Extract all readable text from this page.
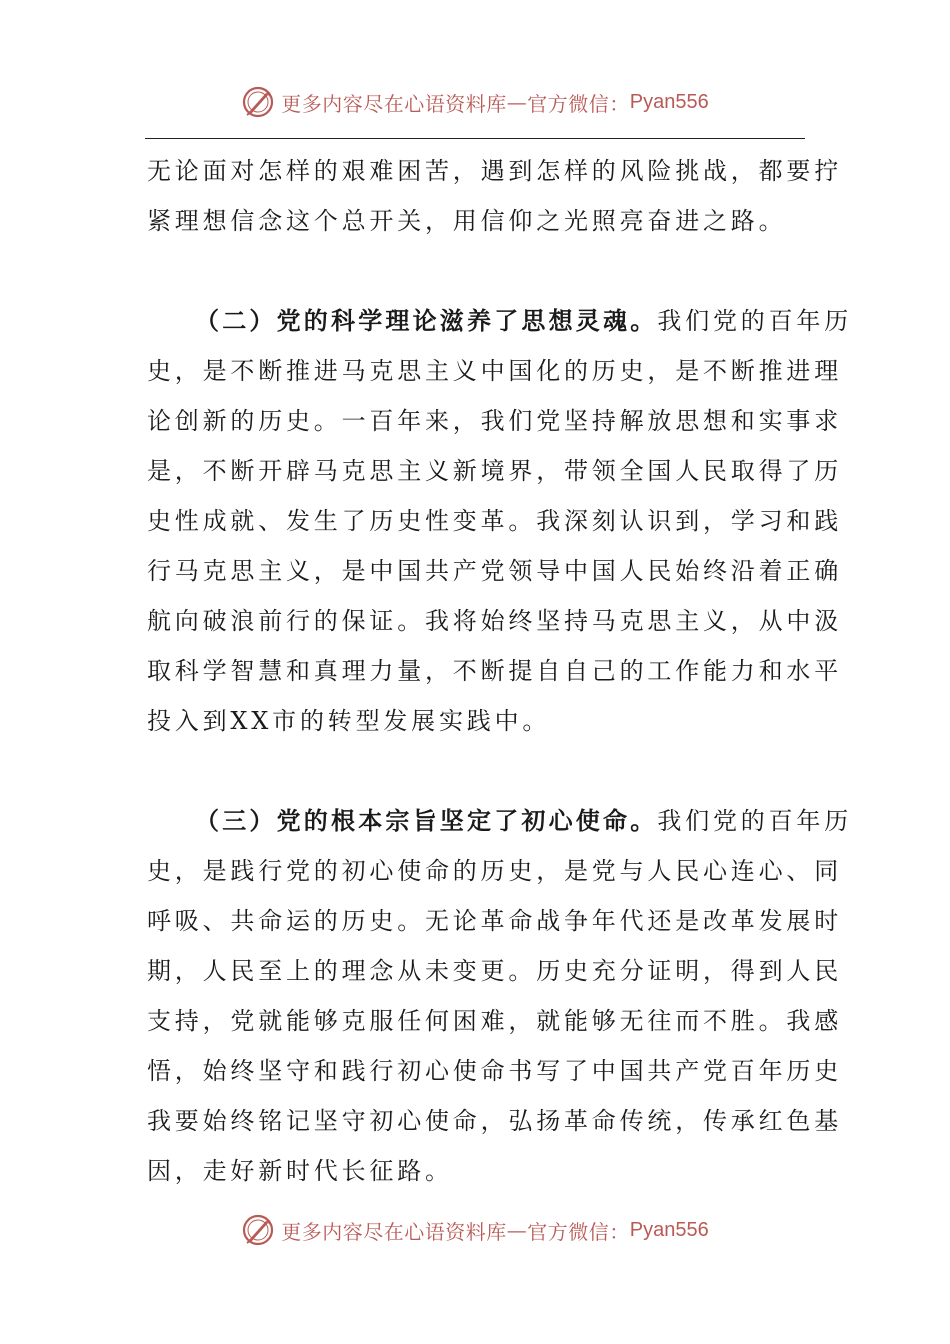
更多内容尽在心语资料库 — 官方微信： Pyan556

无论面对怎样的艰难困苦，遇到怎样的风险挑战，都要拧

紧理想信念这个总开关，用信仰之光照亮奋进之路。

（二）党的科学理论滋养了思想灵魂。我们党的百年历

史，是不断推进马克思主义中国化的历史，是不断推进理

论创新的历史。一百年来，我们党坚持解放思想和实事求

是，不断开辟马克思主义新境界，带领全国人民取得了历

史性成就、发生了历史性变革。我深刻认识到，学习和践

行马克思主义，是中国共产党领导中国人民始终沿着正确

航向破浪前行的保证。我将始终坚持马克思主义，从中汲

取科学智慧和真理力量，不断提自自己的工作能力和水平

投入到XX市的转型发展实践中。

（三）党的根本宗旨坚定了初心使命。我们党的百年历

史，是践行党的初心使命的历史，是党与人民心连心、同

呼吸、共命运的历史。无论革命战争年代还是改革发展时

期，人民至上的理念从未变更。历史充分证明，得到人民

支持，党就能够克服任何困难，就能够无往而不胜。我感

悟，始终坚守和践行初心使命书写了中国共产党百年历史

我要始终铭记坚守初心使命，弘扬革命传统，传承红色基

因，走好新时代长征路。

更多内容尽在心语资料库 — 官方微信： Pyan556
